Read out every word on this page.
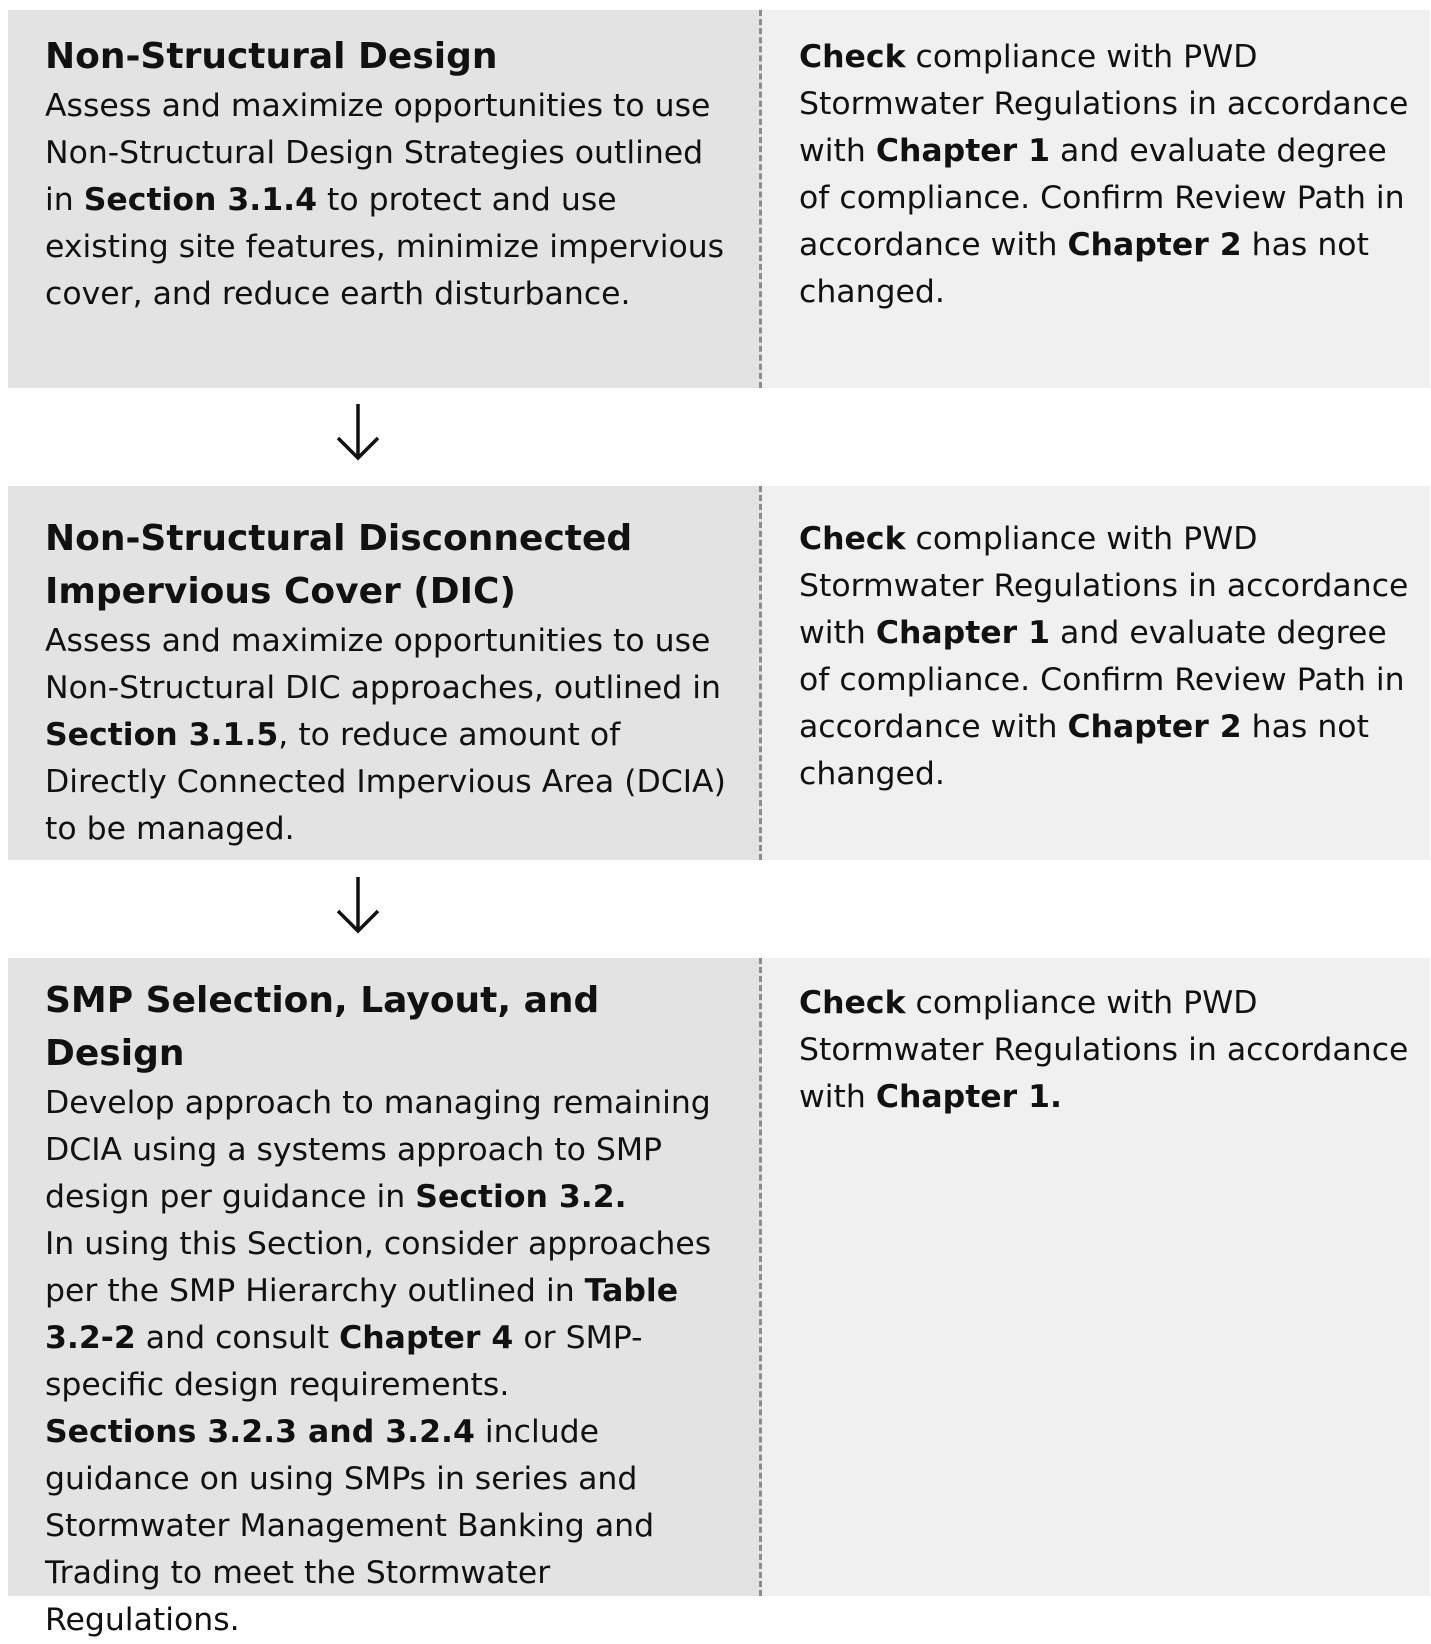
Non-Structural Design

Assess and maximize opportunities to use Non-Structural Design Strategies outlined in Section 3.1.4 to protect and use existing site features, minimize impervious cover, and reduce earth disturbance.

Check compliance with PWD Stormwater Regulations in accordance with Chapter 1 and evaluate degree of compliance. Confirm Review Path in accordance with Chapter 2 has not changed.

Non-Structural Disconnected Impervious Cover (DIC)

Assess and maximize opportunities to use Non-Structural DIC approaches, outlined in Section 3.1.5, to reduce amount of Directly Connected Impervious Area (DCIA) to be managed.

Check compliance with PWD Stormwater Regulations in accordance with Chapter 1 and evaluate degree of compliance. Confirm Review Path in accordance with Chapter 2 has not changed.

SMP Selection, Layout, and Design

Develop approach to managing remaining DCIA using a systems approach to SMP design per guidance in Section 3.2.

In using this Section, consider approaches per the SMP Hierarchy outlined in Table 3.2-2 and consult Chapter 4 or SMP-specific design requirements.

Sections 3.2.3 and 3.2.4 include guidance on using SMPs in series and Stormwater Management Banking and Trading to meet the Stormwater Regulations.

Check compliance with PWD Stormwater Regulations in accordance with Chapter 1.
